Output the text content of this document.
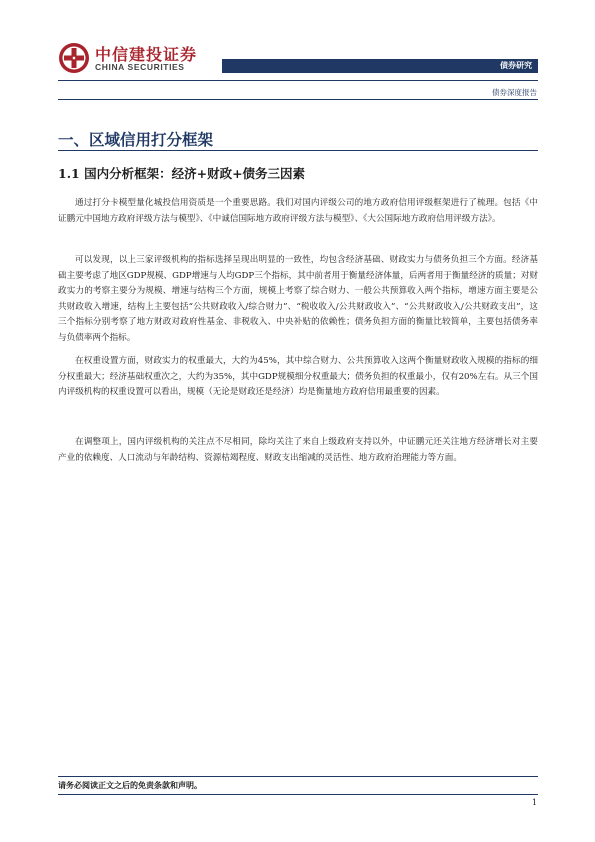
中信建投证券
CHINA SECURITIES	债券研究
债券深度报告
一、区域信用打分框架
1.1 国内分析框架：经济+财政+债务三因素

通过打分卡模型量化城投信用资质是一个重要思路。我们对国内评级公司的地方政府信用评级框架进行了梳理。包括《中证鹏元中国地方政府评级方法与模型》、《中诚信国际地方政府评级方法与模型》、《大公国际地方政府信用评级方法》。

可以发现，以上三家评级机构的指标选择呈现出明显的一致性，均包含经济基础、财政实力与债务负担三个方面。经济基础主要考虑了地区GDP规模、GDP增速与人均GDP三个指标，其中前者用于衡量经济体量，后两者用于衡量经济的质量；对财政实力的考察主要分为规模、增速与结构三个方面，规模上考察了综合财力、一般公共预算收入两个指标，增速方面主要是公共财政收入增速，结构上主要包括“公共财政收入/综合财力”、“税收收入/公共财政收入”、“公共财政收入/公共财政支出”，这三个指标分别考察了地方财政对政府性基金、非税收入、中央补贴的依赖性；债务负担方面的衡量比较简单，主要包括债务率与负债率两个指标。

在权重设置方面，财政实力的权重最大，大约为45%，其中综合财力、公共预算收入这两个衡量财政收入规模的指标的细分权重最大；经济基础权重次之，大约为35%，其中GDP规模细分权重最大；债务负担的权重最小，仅有20%左右。从三个国内评级机构的权重设置可以看出，规模（无论是财政还是经济）均是衡量地方政府信用最重要的因素。

在调整项上，国内评级机构的关注点不尽相同，除均关注了来自上级政府支持以外，中证鹏元还关注地方经济增长对主要产业的依赖度、人口流动与年龄结构、资源枯竭程度、财政支出缩减的灵活性、地方政府治理能力等方面。

请务必阅读正文之后的免责条款和声明。
1
